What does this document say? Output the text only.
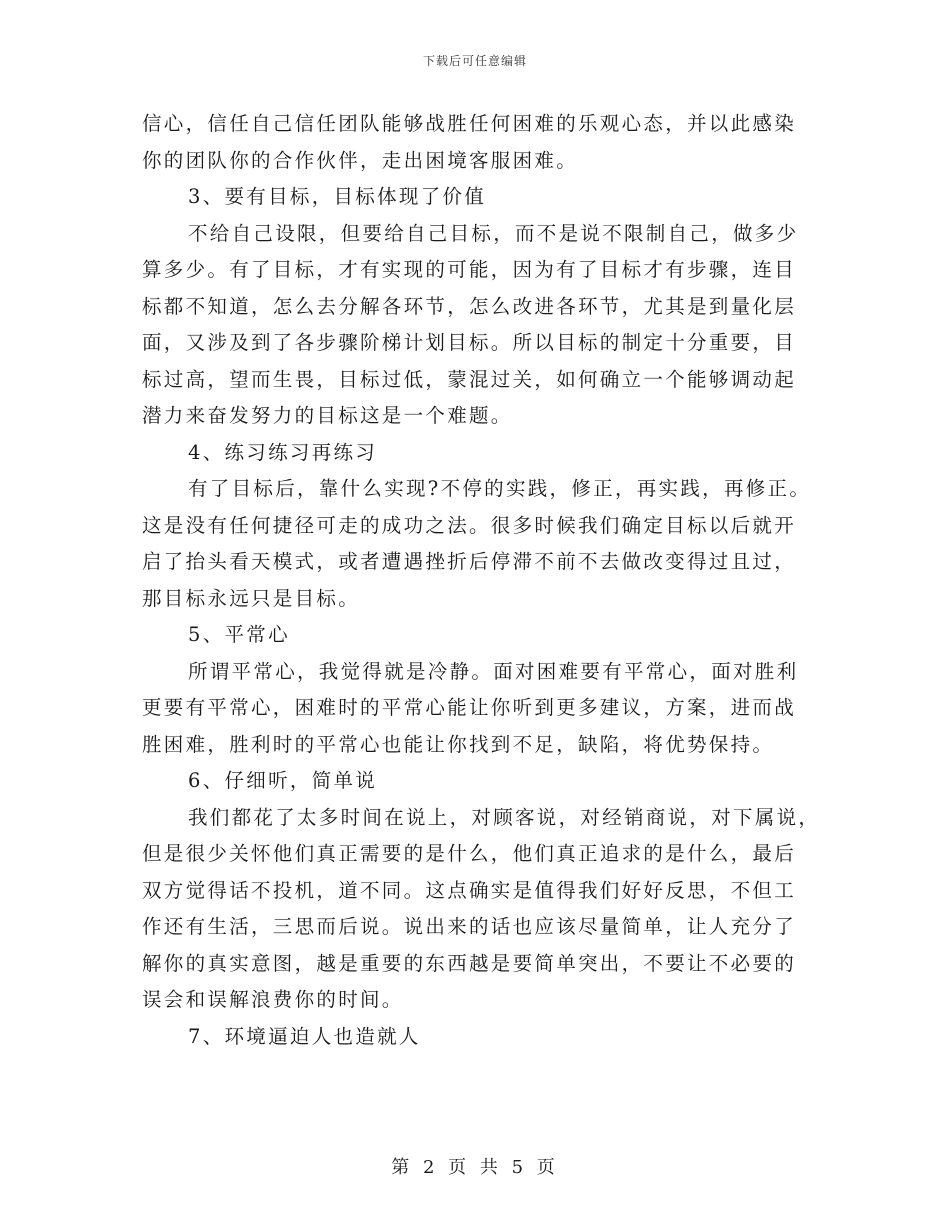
下载后可任意编辑
信心，信任自己信任团队能够战胜任何困难的乐观心态，并以此感染
你的团队你的合作伙伴，走出困境客服困难。
3、要有目标，目标体现了价值
不给自己设限，但要给自己目标，而不是说不限制自己，做多少
算多少。有了目标，才有实现的可能，因为有了目标才有步骤，连目
标都不知道，怎么去分解各环节，怎么改进各环节，尤其是到量化层
面，又涉及到了各步骤阶梯计划目标。所以目标的制定十分重要，目
标过高，望而生畏，目标过低，蒙混过关，如何确立一个能够调动起
潜力来奋发努力的目标这是一个难题。
4、练习练习再练习
有了目标后，靠什么实现?不停的实践，修正，再实践，再修正。
这是没有任何捷径可走的成功之法。很多时候我们确定目标以后就开
启了抬头看天模式，或者遭遇挫折后停滞不前不去做改变得过且过，
那目标永远只是目标。
5、平常心
所谓平常心，我觉得就是冷静。面对困难要有平常心，面对胜利
更要有平常心，困难时的平常心能让你听到更多建议，方案，进而战
胜困难，胜利时的平常心也能让你找到不足，缺陷，将优势保持。
6、仔细听，简单说
我们都花了太多时间在说上，对顾客说，对经销商说，对下属说，
但是很少关怀他们真正需要的是什么，他们真正追求的是什么，最后
双方觉得话不投机，道不同。这点确实是值得我们好好反思，不但工
作还有生活，三思而后说。说出来的话也应该尽量简单，让人充分了
解你的真实意图，越是重要的东西越是要简单突出，不要让不必要的
误会和误解浪费你的时间。
7、环境逼迫人也造就人
第 2 页 共 5 页
